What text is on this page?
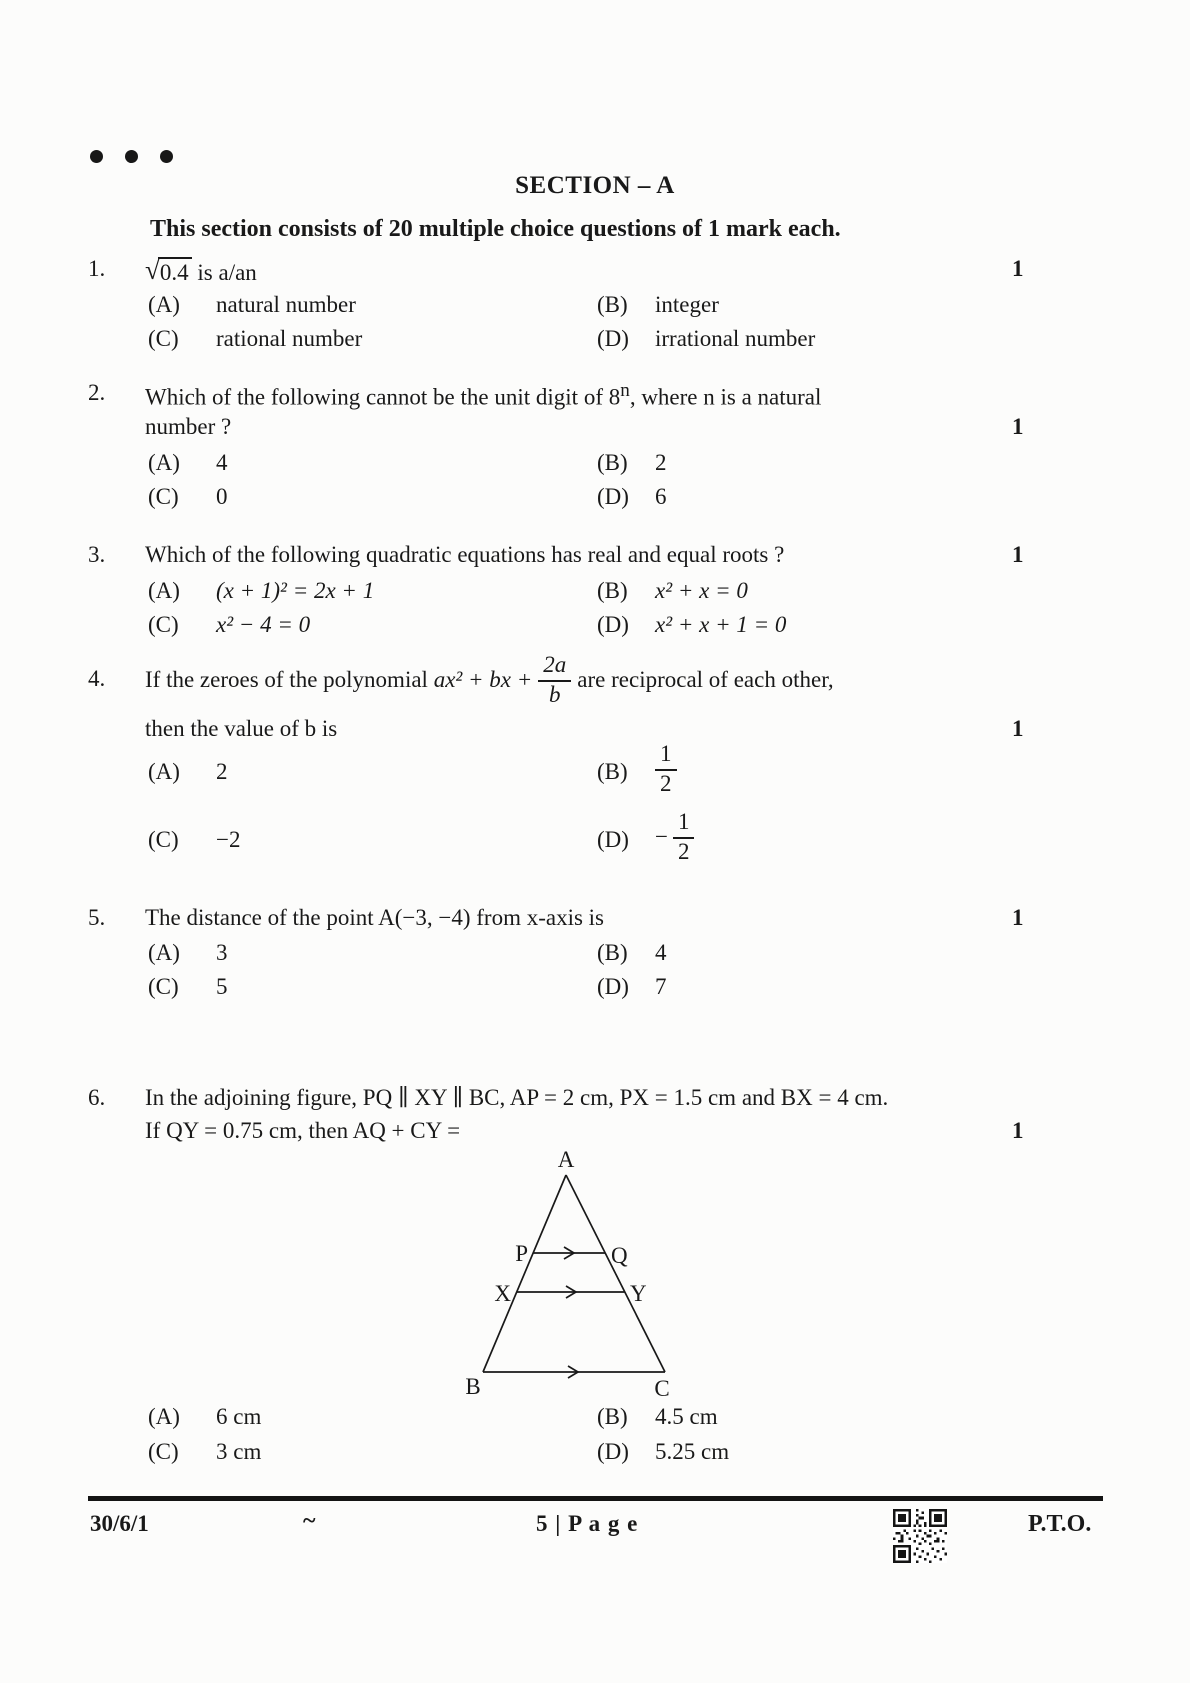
SECTION – A
This section consists of 20 multiple choice questions of 1 mark each.
1
1
1
1
1
1
1. √0.4 is a/an
(A) natural number	(B) integer
(C) rational number	(D) irrational number
2. Which of the following cannot be the unit digit of 8$^n$, where n is a natural
number ?
(A) 4	(B) 2
(C) 0	(D) 6
3. Which of the following quadratic equations has real and equal roots ?
(A) (x + 1)² = 2x + 1	(B) x² + x = 0
(C) x² − 4 = 0	(D) x² + x + 1 = 0
4. If the zeroes of the polynomial ax² + bx + $\frac{2a}{b}$ are reciprocal of each other,
then the value of b is
(A) 2	$(B) \frac{1}{2}$
(C) −2	$(D) - \frac{1}{2}$
5. The distance of the point A(−3, −4) from x-axis is
(A) 3	(B) 4
(C) 5	(D) 7
6. In the adjoining figure, PQ ∥ XY ∥ BC, AP = 2 cm, PX = 1.5 cm and BX = 4 cm.
If QY = 0.75 cm, then AQ + CY =
A
P	Q
X	Y
B	C
(A) 6 cm	(B) 4.5 cm
(C) 3 cm	(D) 5.25 cm
30/6/1	~	5 | P a g e	P.T.O.
